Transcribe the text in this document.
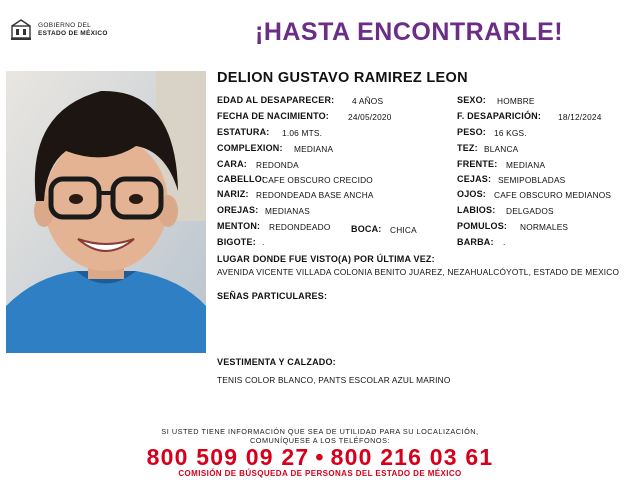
GOBIERNO DEL
ESTADO DE MÉXICO	¡HASTA ENCONTRARLE!
DELION GUSTAVO RAMIREZ LEON
EDAD AL DESAPARECER: 4 AÑOS
FECHA DE NACIMIENTO: 24/05/2020
ESTATURA: 1.06 MTS.
COMPLEXION: MEDIANA
CARA: REDONDA
CABELLO:
CAFE OBSCURO CRECIDO
NARIZ: REDONDEADA BASE ANCHA
OREJAS: MEDIANAS
MENTON: REDONDEADO BOCA: CHICA
BIGOTE: .
SEXO: HOMBRE
F. DESAPARICIÓN: 18/12/2024
PESO: 16 KGS.
TEZ: BLANCA
FRENTE: MEDIANA
CEJAS: SEMIPOBLADAS
OJOS: CAFE OBSCURO MEDIANOS
LABIOS: DELGADOS
POMULOS: NORMALES
BARBA: .
LUGAR DONDE FUE VISTO(A) POR ÚLTIMA VEZ:
AVENIDA VICENTE VILLADA COLONIA BENITO JUAREZ, NEZAHUALCÓYOTL, ESTADO DE MEXICO
SEÑAS PARTICULARES:
VESTIMENTA Y CALZADO:
TENIS COLOR BLANCO, PANTS ESCOLAR AZUL MARINO
SI USTED TIENE INFORMACIÓN QUE SEA DE UTILIDAD PARA SU LOCALIZACIÓN,
COMUNÍQUESE A LOS TELÉFONOS:
800 509 09 27 • 800 216 03 61
COMISIÓN DE BÚSQUEDA DE PERSONAS DEL ESTADO DE MÉXICO
